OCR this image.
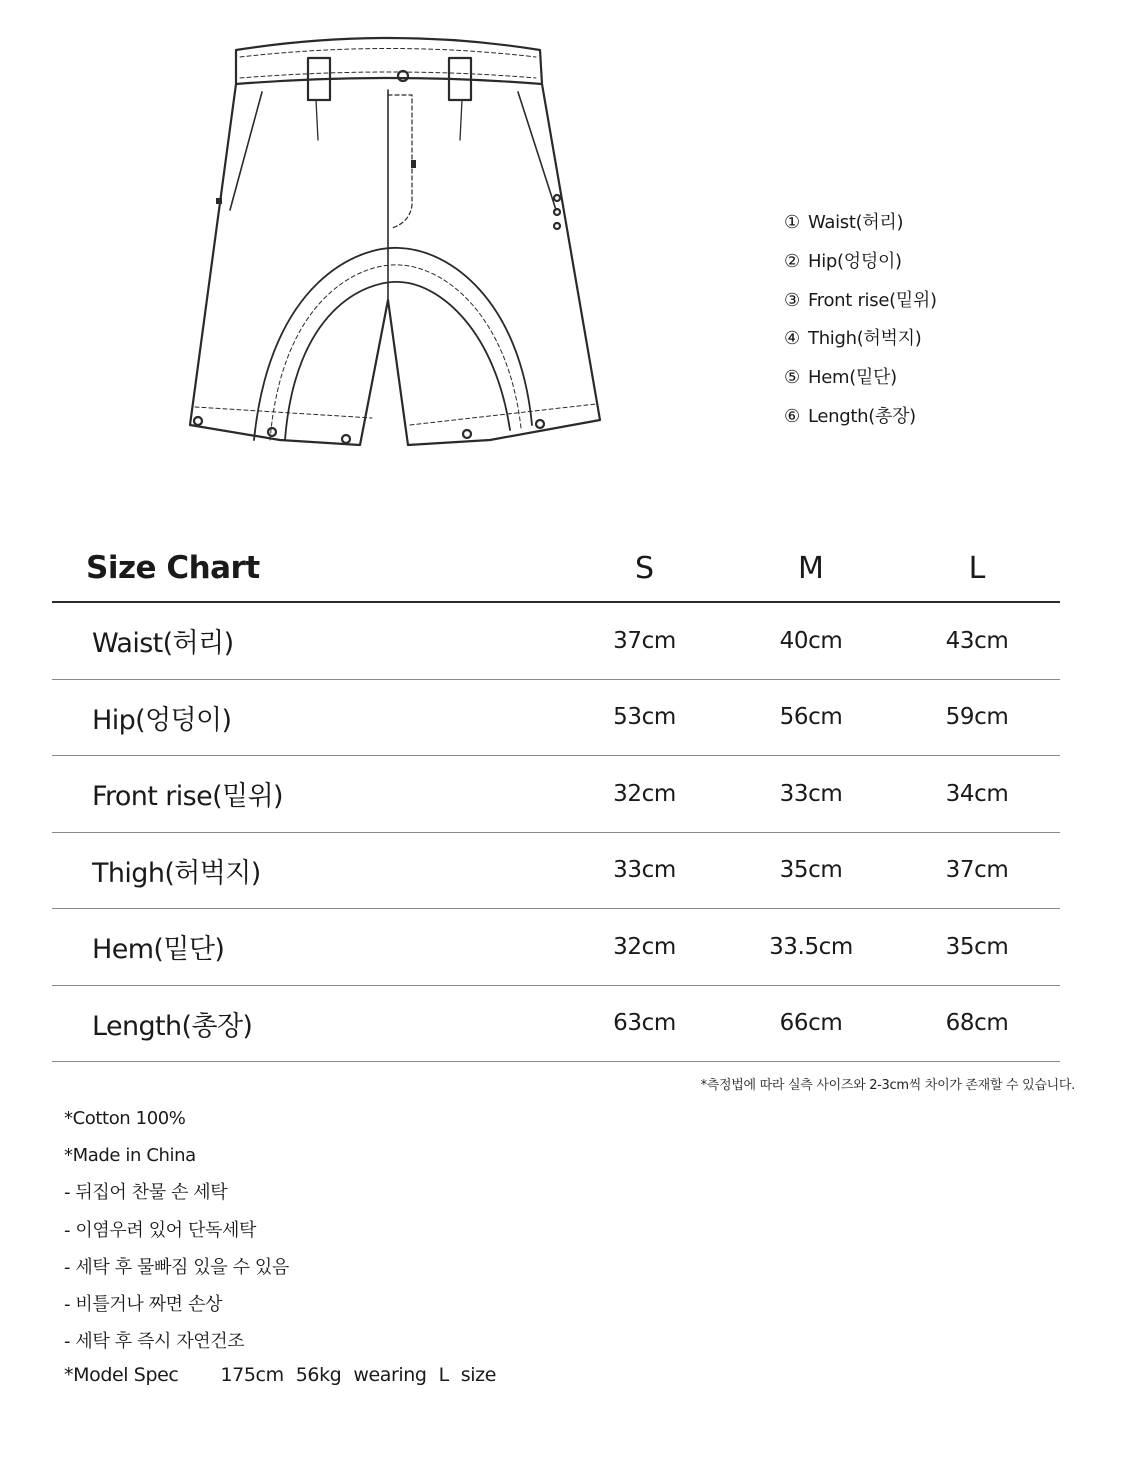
① Waist(허리)
② Hip(엉덩이)
③ Front rise(밑위)
④ Thigh(허벅지)
⑤ Hem(밑단)
⑥ Length(총장)
Size Chart	S	M	L
Waist(허리)	37cm	40cm	43cm
Hip(엉덩이)	53cm	56cm	59cm
Front rise(밑위)	32cm	33cm	34cm
Thigh(허벅지)	33cm	35cm	37cm
Hem(밑단)	32cm	33.5cm	35cm
Length(총장)	63cm	66cm	68cm
*측정법에 따라 실측 사이즈와 2-3cm씩 차이가 존재할 수 있습니다.
*Cotton 100%
*Made in China
- 뒤집어 찬물 손 세탁
- 이염우려 있어 단독세탁
- 세탁 후 물빠짐 있을 수 있음
- 비틀거나 짜면 손상
- 세탁 후 즉시 자연건조
*Model Spec 175cm 56kg wearing L size
